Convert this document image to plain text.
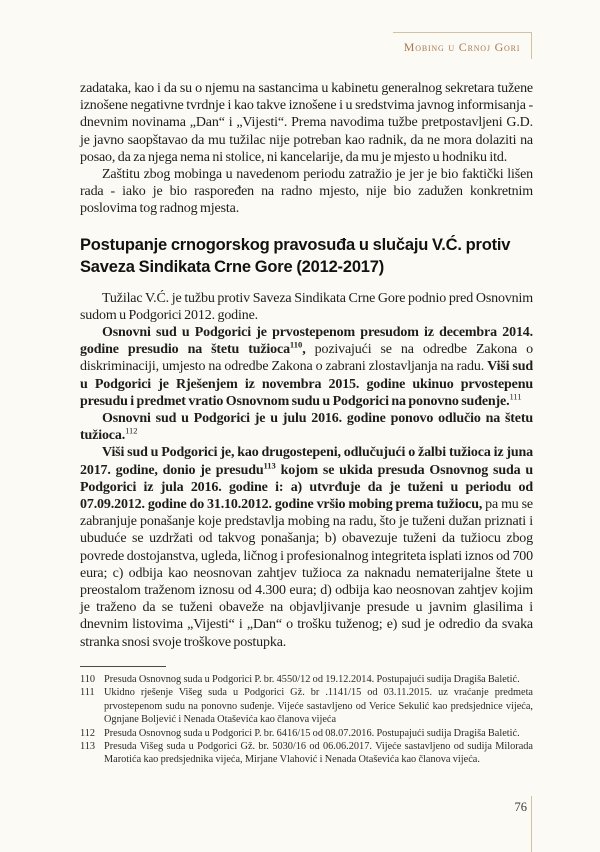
Mobing u Crnoj Gori

zadataka, kao i da su o njemu na sastancima u kabinetu generalnog sekretara tužene iznošene negativne tvrdnje i kao takve iznošene i u sredstvima javnog informisanja - dnevnim novinama „Dan“ i „Vijesti“. Prema navodima tužbe pretpostavljeni G.D. je javno saopštavao da mu tužilac nije potreban kao radnik, da ne mora dolaziti na posao, da za njega nema ni stolice, ni kancelarije, da mu je mjesto u hodniku itd.

Zaštitu zbog mobinga u navedenom periodu zatražio je jer je bio faktički lišen rada - iako je bio raspoređen na radno mjesto, nije bio zadužen konkretnim poslovima tog radnog mjesta.

Postupanje crnogorskog pravosuđa u slučaju V.Ć. protiv Saveza Sindikata Crne Gore (2012-2017)

Tužilac V.Ć. je tužbu protiv Saveza Sindikata Crne Gore podnio pred Osnovnim sudom u Podgorici 2012. godine.

Osnovni sud u Podgorici je prvostepenom presudom iz decembra 2014. godine presudio na štetu tužioca$^{110}$, pozivajući se na odredbe Zakona o diskriminaciji, umjesto na odredbe Zakona o zabrani zlostavljanja na radu. Viši sud u Podgorici je Rješenjem iz novembra 2015. godine ukinuo prvostepenu presudu i predmet vratio Osnovnom sudu u Podgorici na ponovno suđenje.$^{111}$

Osnovni sud u Podgorici je u julu 2016. godine ponovo odlučio na štetu tužioca.$^{112}$

Viši sud u Podgorici je, kao drugostepeni, odlučujući o žalbi tužioca iz juna 2017. godine, donio je presudu$^{113}$ kojom se ukida presuda Osnovnog suda u Podgorici iz jula 2016. godine i: a) utvrđuje da je tuženi u periodu od 07.09.2012. godine do 31.10.2012. godine vršio mobing prema tužiocu, pa mu se zabranjuje ponašanje koje predstavlja mobing na radu, što je tuženi dužan priznati i ubuduće se uzdržati od takvog ponašanja; b) obavezuje tuženi da tužiocu zbog povrede dostojanstva, ugleda, ličnog i profesionalnog integriteta isplati iznos od 700 eura; c) odbija kao neosnovan zahtjev tužioca za naknadu nematerijalne štete u preostalom traženom iznosu od 4.300 eura; d) odbija kao neosnovan zahtjev kojim je traženo da se tuženi obaveže na objavljivanje presude u javnim glasilima i dnevnim listovima „Vijesti“ i „Dan“ o trošku tuženog; e) sud je odredio da svaka stranka snosi svoje troškove postupka.

110 Presuda Osnovnog suda u Podgorici P. br. 4550/12 od 19.12.2014. Postupajući sudija Dragiša Baletić.
111 Ukidno rješenje Višeg suda u Podgorici Gž. br .1141/15 od 03.11.2015. uz vraćanje predmeta prvostepenom sudu na ponovno suđenje. Vijeće sastavljeno od Verice Sekulić kao predsjednice vijeća, Ognjane Boljević i Nenada Otaševića kao članova vijeća
112 Presuda Osnovnog suda u Podgorici P. br. 6416/15 od 08.07.2016. Postupajući sudija Dragiša Baletić.
113 Presuda Višeg suda u Podgorici Gž. br. 5030/16 od 06.06.2017. Vijeće sastavljeno od sudija Milorada Marotića kao predsjednika vijeća, Mirjane Vlahović i Nenada Otaševića kao članova vijeća.
76
